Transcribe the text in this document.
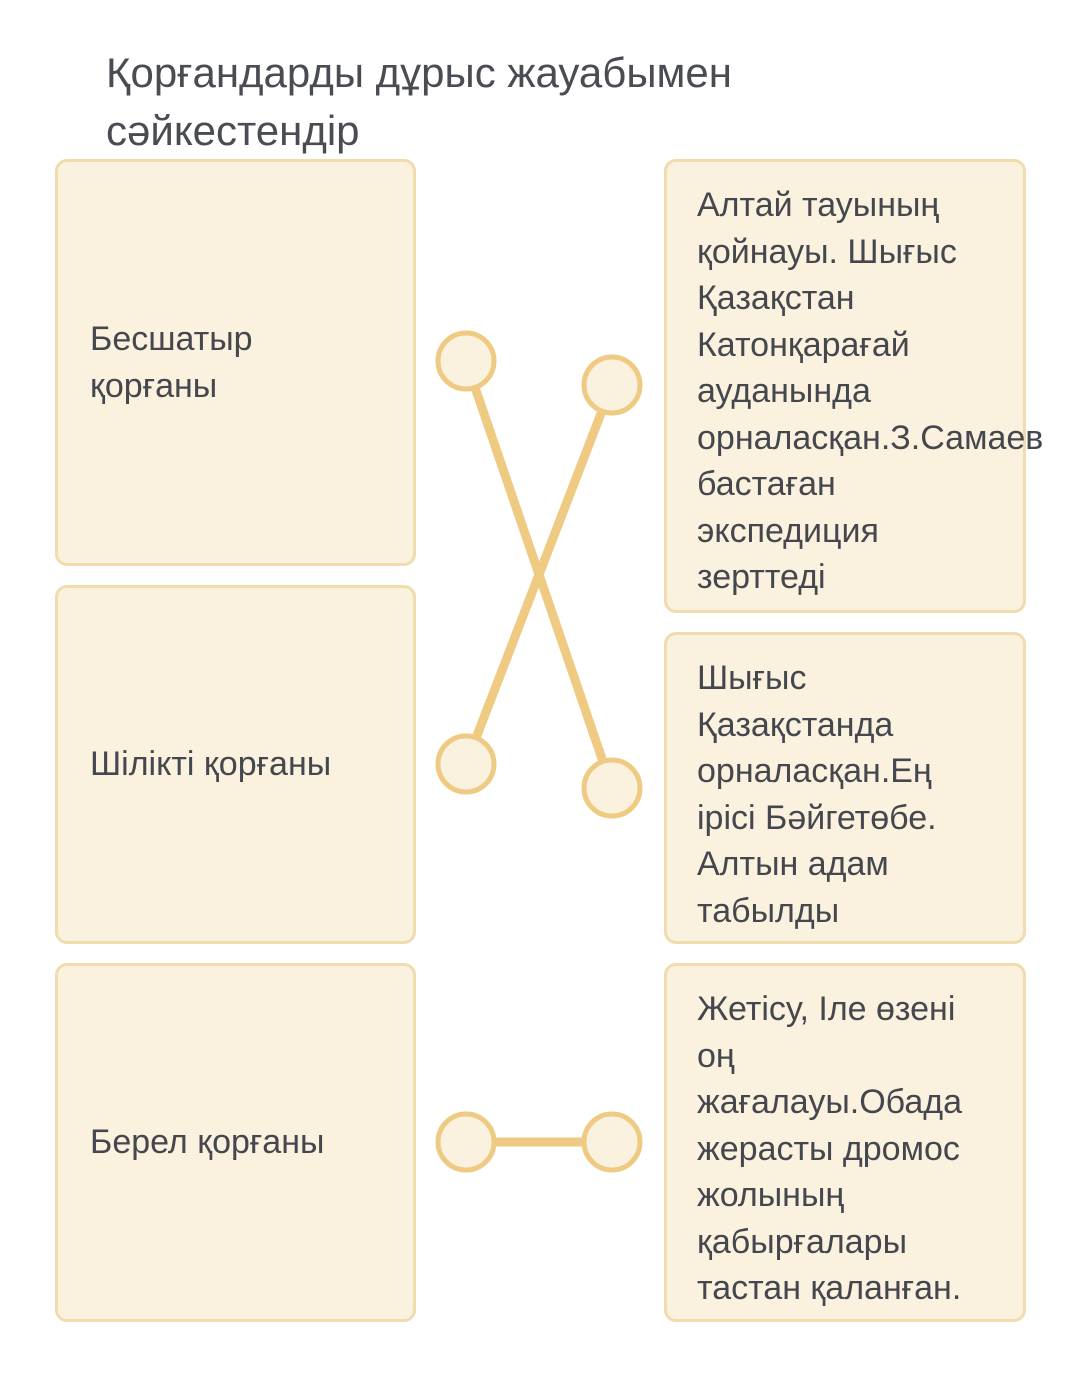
Қорғандарды дұрыс жауабымен сәйкестендір
Бесшатыр қорғаны
Шілікті қорғаны
Берел қорғаны
Алтай тауының қойнауы. Шығыс Қазақстан Катонқарағай ауданында орналасқан.З.Самаев бастаған экспедиция зерттеді
Шығыс Қазақстанда орналасқан.Ең ірісі Бәйгетөбе. Алтын адам табылды
Жетісу, Іле өзені оң жағалауы.Обада жерасты дромос жолының қабырғалары тастан қаланған.
